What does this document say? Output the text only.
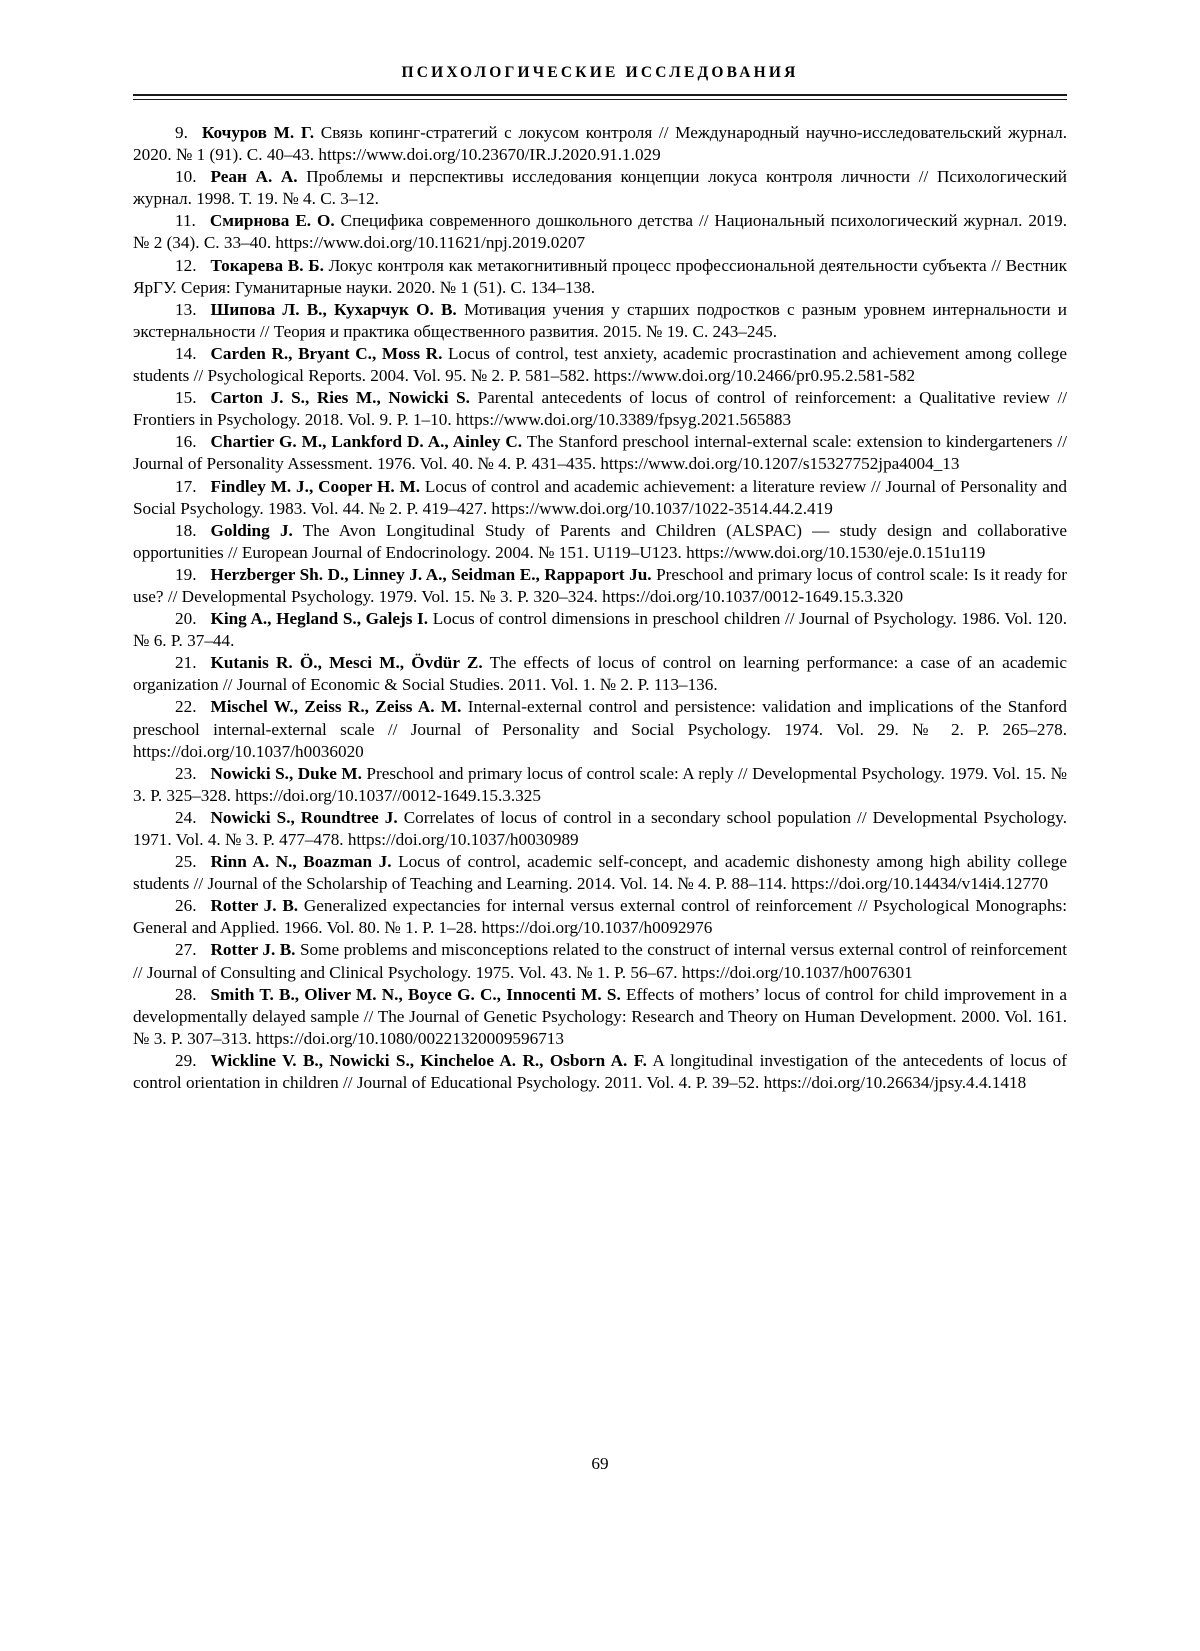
ПСИХОЛОГИЧЕСКИЕ ИССЛЕДОВАНИЯ

9. Кочуров М. Г. Связь копинг-стратегий с локусом контроля // Международный научно-исследовательский журнал. 2020. № 1 (91). С. 40–43. https://www.doi.org/10.23670/IR.J.2020.91.1.029

10. Реан А. А. Проблемы и перспективы исследования концепции локуса контроля личности // Психологический журнал. 1998. Т. 19. № 4. С. 3–12.

11. Смирнова Е. О. Специфика современного дошкольного детства // Национальный психологический журнал. 2019. № 2 (34). С. 33–40. https://www.doi.org/10.11621/npj.2019.0207

12. Токарева В. Б. Локус контроля как метакогнитивный процесс профессиональной деятельности субъекта // Вестник ЯрГУ. Серия: Гуманитарные науки. 2020. № 1 (51). С. 134–138.

13. Шипова Л. В., Кухарчук О. В. Мотивация учения у старших подростков с разным уровнем интернальности и экстернальности // Теория и практика общественного развития. 2015. № 19. С. 243–245.

14. Carden R., Bryant C., Moss R. Locus of control, test anxiety, academic procrastination and achievement among college students // Psychological Reports. 2004. Vol. 95. № 2. P. 581–582. https://www.doi.org/10.2466/pr0.95.2.581-582

15. Carton J. S., Ries M., Nowicki S. Parental antecedents of locus of control of reinforcement: a Qualitative review // Frontiers in Psychology. 2018. Vol. 9. P. 1–10. https://www.doi.org/10.3389/fpsyg.2021.565883

16. Chartier G. M., Lankford D. A., Ainley C. The Stanford preschool internal-external scale: extension to kindergarteners // Journal of Personality Assessment. 1976. Vol. 40. № 4. P. 431–435. https://www.doi.org/10.1207/s15327752jpa4004_13

17. Findley M. J., Cooper H. M. Locus of control and academic achievement: a literature review // Journal of Personality and Social Psychology. 1983. Vol. 44. № 2. P. 419–427. https://www.doi.org/10.1037/1022-3514.44.2.419

18. Golding J. The Avon Longitudinal Study of Parents and Children (ALSPAC) — study design and collaborative opportunities // European Journal of Endocrinology. 2004. № 151. U119–U123. https://www.doi.org/10.1530/eje.0.151u119

19. Herzberger Sh. D., Linney J. A., Seidman E., Rappaport Ju. Preschool and primary locus of control scale: Is it ready for use? // Developmental Psychology. 1979. Vol. 15. № 3. P. 320–324. https://doi.org/10.1037/0012-1649.15.3.320

20. King A., Hegland S., Galejs I. Locus of control dimensions in preschool children // Journal of Psychology. 1986. Vol. 120. № 6. P. 37–44.

21. Kutanis R. Ö., Mesci M., Övdür Z. The effects of locus of control on learning performance: a case of an academic organization // Journal of Economic & Social Studies. 2011. Vol. 1. № 2. P. 113–136.

22. Mischel W., Zeiss R., Zeiss A. M. Internal-external control and persistence: validation and implications of the Stanford preschool internal-external scale // Journal of Personality and Social Psychology. 1974. Vol. 29. № 2. P. 265–278. https://doi.org/10.1037/h0036020

23. Nowicki S., Duke M. Preschool and primary locus of control scale: A reply // Developmental Psychology. 1979. Vol. 15. № 3. P. 325–328. https://doi.org/10.1037//0012-1649.15.3.325

24. Nowicki S., Roundtree J. Correlates of locus of control in a secondary school population // Developmental Psychology. 1971. Vol. 4. № 3. P. 477–478. https://doi.org/10.1037/h0030989

25. Rinn A. N., Boazman J. Locus of control, academic self-concept, and academic dishonesty among high ability college students // Journal of the Scholarship of Teaching and Learning. 2014. Vol. 14. № 4. P. 88–114. https://doi.org/10.14434/v14i4.12770

26. Rotter J. B. Generalized expectancies for internal versus external control of reinforcement // Psychological Monographs: General and Applied. 1966. Vol. 80. № 1. P. 1–28. https://doi.org/10.1037/h0092976

27. Rotter J. B. Some problems and misconceptions related to the construct of internal versus external control of reinforcement // Journal of Consulting and Clinical Psychology. 1975. Vol. 43. № 1. P. 56–67. https://doi.org/10.1037/h0076301

28. Smith T. B., Oliver M. N., Boyce G. C., Innocenti M. S. Effects of mothers’ locus of control for child improvement in a developmentally delayed sample // The Journal of Genetic Psychology: Research and Theory on Human Development. 2000. Vol. 161. № 3. P. 307–313. https://doi.org/10.1080/00221320009596713

29. Wickline V. B., Nowicki S., Kincheloe A. R., Osborn A. F. A longitudinal investigation of the antecedents of locus of control orientation in children // Journal of Educational Psychology. 2011. Vol. 4. P. 39–52. https://doi.org/10.26634/jpsy.4.4.1418

69
